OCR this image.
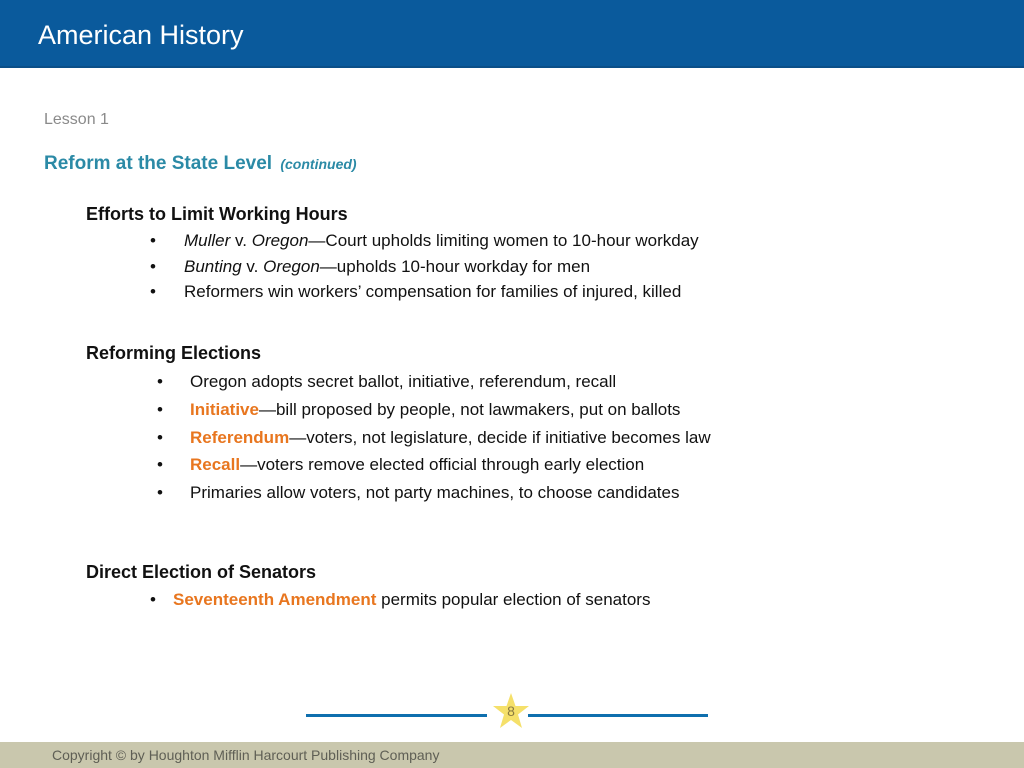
American History
Lesson 1
Reform at the State Level (continued)
Efforts to Limit Working Hours
• Muller v. Oregon—Court upholds limiting women to 10-hour workday
• Bunting v. Oregon—upholds 10-hour workday for men
• Reformers win workers’ compensation for families of injured, killed
Reforming Elections
• Oregon adopts secret ballot, initiative, referendum, recall
• Initiative—bill proposed by people, not lawmakers, put on ballots
• Referendum—voters, not legislature, decide if initiative becomes law
• Recall—voters remove elected official through early election
• Primaries allow voters, not party machines, to choose candidates
Direct Election of Senators
• Seventeenth Amendment permits popular election of senators
8
Copyright © by Houghton Mifflin Harcourt Publishing Company
